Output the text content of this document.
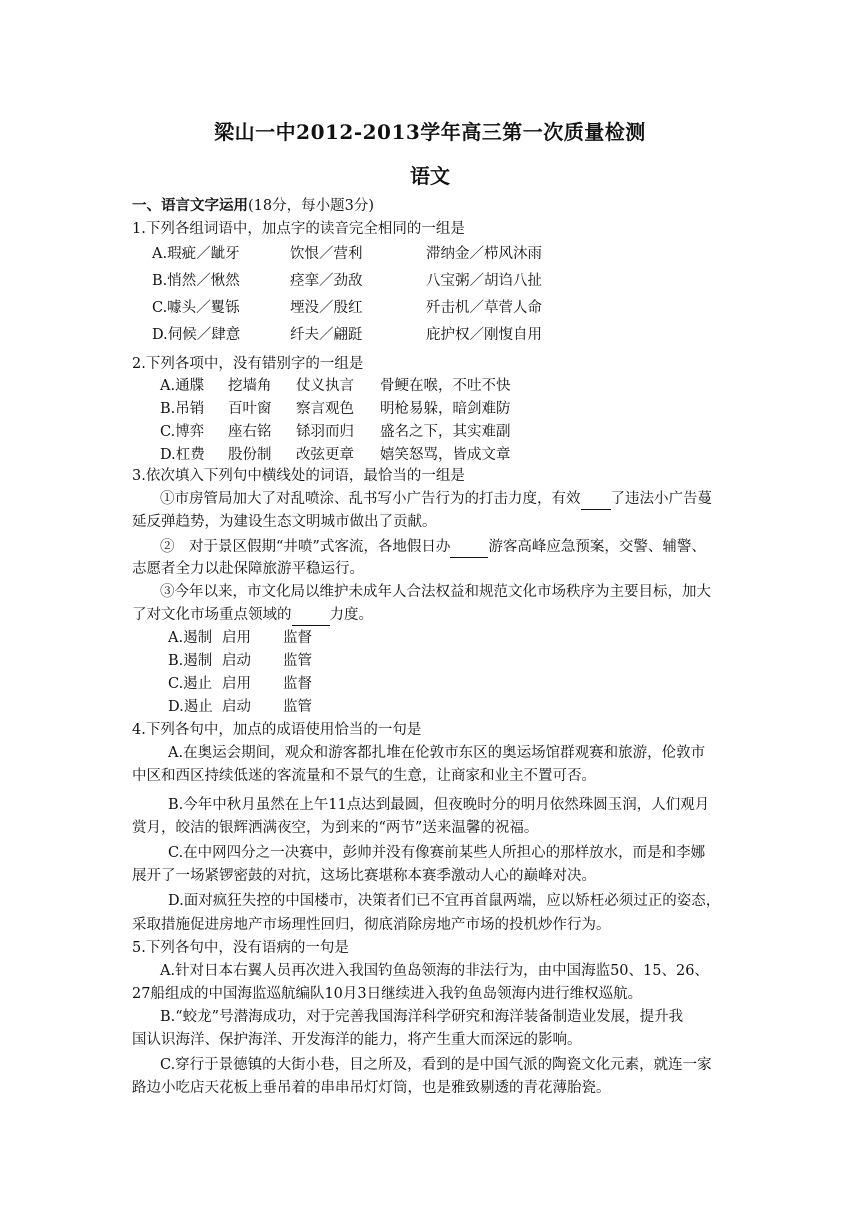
梁山一中2012-2013学年高三第一次质量检测
语文
一、语言文字运用(18分，每小题3分)
1.下列各组词语中，加点字的读音完全相同的一组是
A.瑕疵／龇牙	饮恨／营利	滞纳金／栉风沐雨
B.悄然／愀然	痉挛／劲敌	八宝粥／胡诌八扯
C.噱头／矍铄	堙没／殷红	歼击机／草菅人命
D.伺候／肆意	纤夫／翩跹	庇护权／刚愎自用
2.下列各项中，没有错别字的一组是
A.通牒 挖墙角 仗义执言 骨鲠在喉，不吐不快
B.吊销 百叶窗 察言观色 明枪易躲，暗剑难防
C.博弈 座右铭 铩羽而归 盛名之下，其实难副
D.杠费 股份制 改弦更章 嬉笑怒骂，皆成文章
3.依次填入下列句中横线处的词语，最恰当的一组是
①市房管局加大了对乱喷涂、乱书写小广告行为的打击力度，有效 了违法小广告蔓
延反弹趋势，为建设生态文明城市做出了贡献。
②　对于景区假期“井喷”式客流，各地假日办	游客高峰应急预案，交警、辅警、
志愿者全力以赴保障旅游平稳运行。
③今年以来，市文化局以维护未成年人合法权益和规范文化市场秩序为主要目标，加大
了对文化市场重点领域的	力度。
A.遏制 启用 监督
B.遏制 启动 监管
C.遏止 启用 监督
D.遏止 启动 监管
4.下列各句中，加点的成语使用恰当的一句是
A.在奥运会期间，观众和游客都扎堆在伦敦市东区的奥运场馆群观赛和旅游，伦敦市
中区和西区持续低迷的客流量和不景气的生意，让商家和业主不置可否。
B.今年中秋月虽然在上午11点达到最圆，但夜晚时分的明月依然珠圆玉润，人们观月
赏月，皎洁的银辉洒满夜空，为到来的“两节”送来温馨的祝福。
C.在中网四分之一决赛中，彭帅并没有像赛前某些人所担心的那样放水，而是和李娜
展开了一场紧锣密鼓的对抗，这场比赛堪称本赛季激动人心的巅峰对决。
D.面对疯狂失控的中国楼市，决策者们已不宜再首鼠两端，应以矫枉必须过正的姿态，
采取措施促进房地产市场理性回归，彻底消除房地产市场的投机炒作行为。
5.下列各句中，没有语病的一句是
A.针对日本右翼人员再次进入我国钓鱼岛领海的非法行为，由中国海监50、15、26、
27船组成的中国海监巡航编队10月3日继续进入我钓鱼岛领海内进行维权巡航。
B.“蛟龙”号潜海成功，对于完善我国海洋科学研究和海洋装备制造业发展，提升我
国认识海洋、保护海洋、开发海洋的能力，将产生重大而深远的影响。
C.穿行于景德镇的大街小巷，目之所及，看到的是中国气派的陶瓷文化元素，就连一家
路边小吃店天花板上垂吊着的串串吊灯灯筒，也是雅致剔透的青花薄胎瓷。
